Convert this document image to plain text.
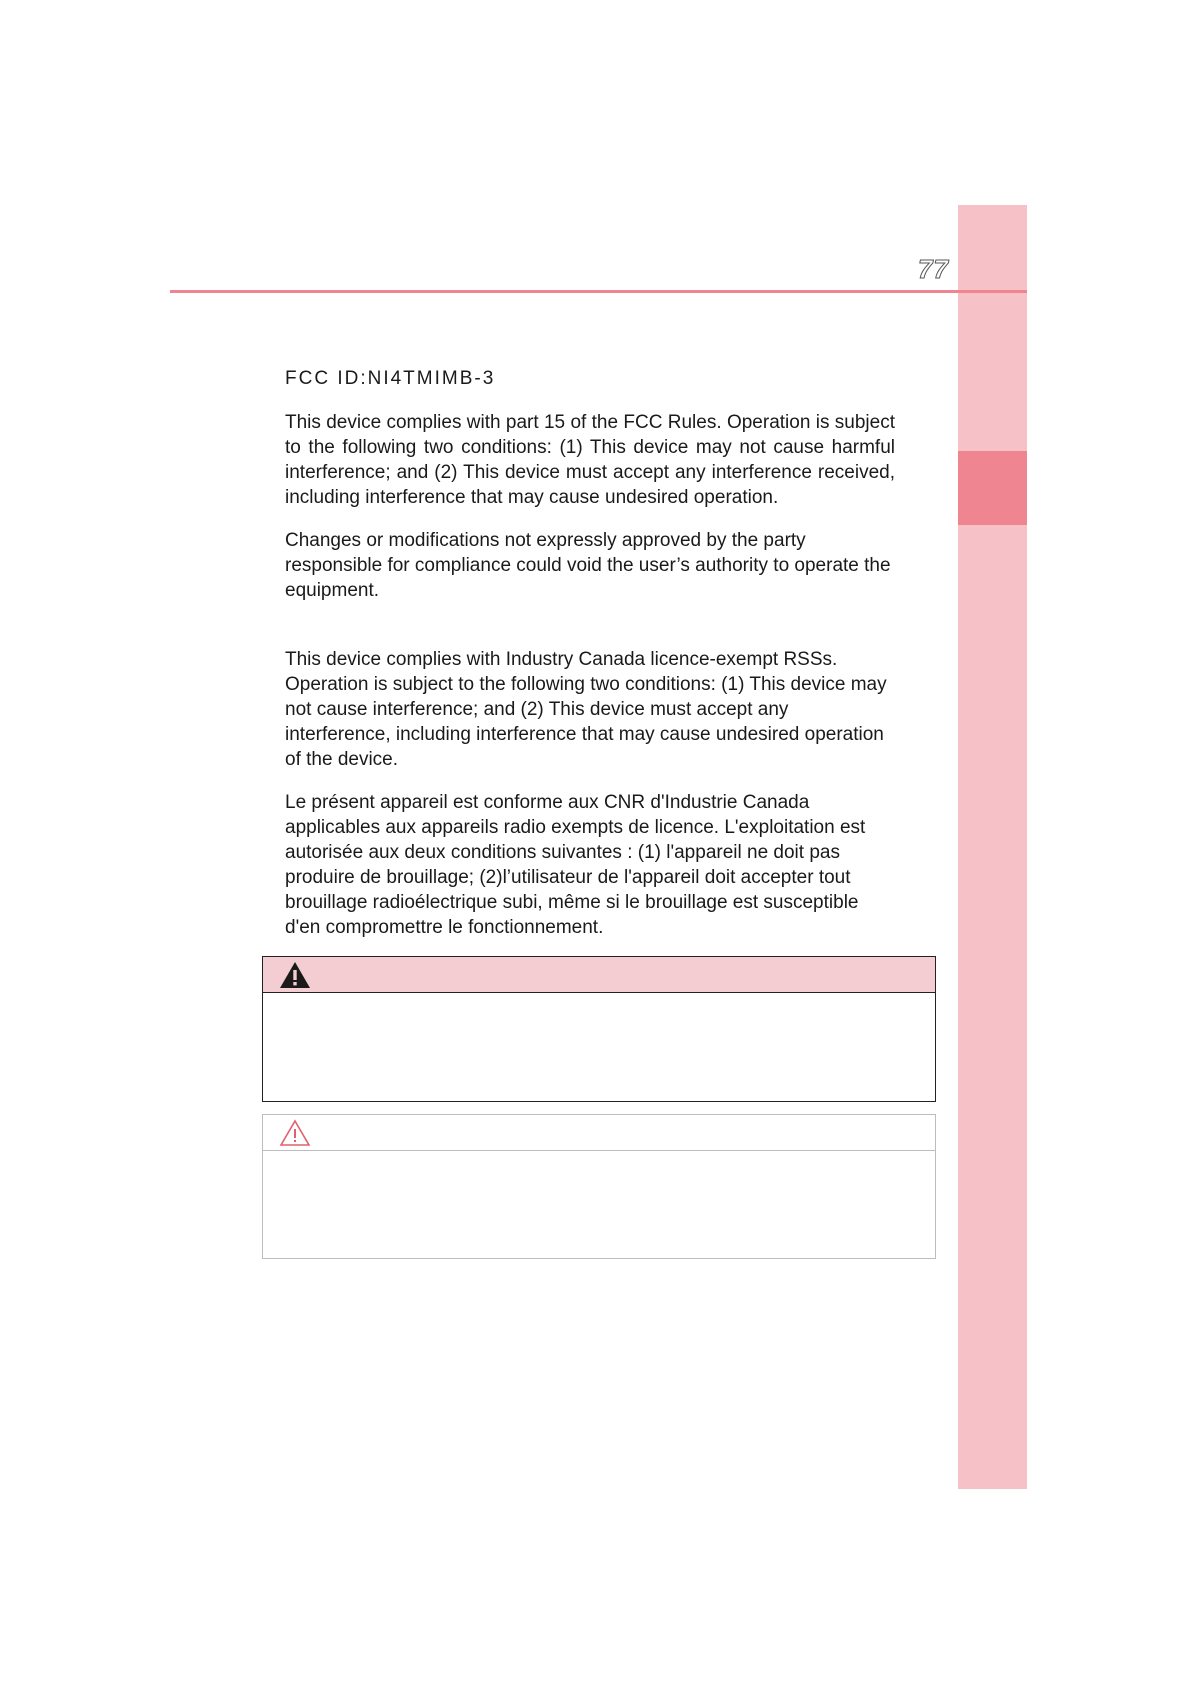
77

FCC ID:NI4TMIMB-3

This device complies with part 15 of the FCC Rules. Operation is subject to the following two conditions: (1) This device may not cause harmful interference; and (2) This device must accept any interference received, including interference that may cause undesired operation.

Changes or modifications not expressly approved by the party responsible for compliance could void the user’s authority to operate the equipment.

This device complies with Industry Canada licence-exempt RSSs. Operation is subject to the following two conditions: (1) This device may not cause interference; and (2) This device must accept any interference, including interference that may cause undesired operation of the device.

Le présent appareil est conforme aux CNR d'Industrie Canada applicables aux appareils radio exempts de licence. L'exploitation est autorisée aux deux conditions suivantes : (1) l'appareil ne doit pas produire de brouillage; (2)l’utilisateur de l'appareil doit accepter tout brouillage radioélectrique subi, même si le brouillage est susceptible d'en compromettre le fonctionnement.
